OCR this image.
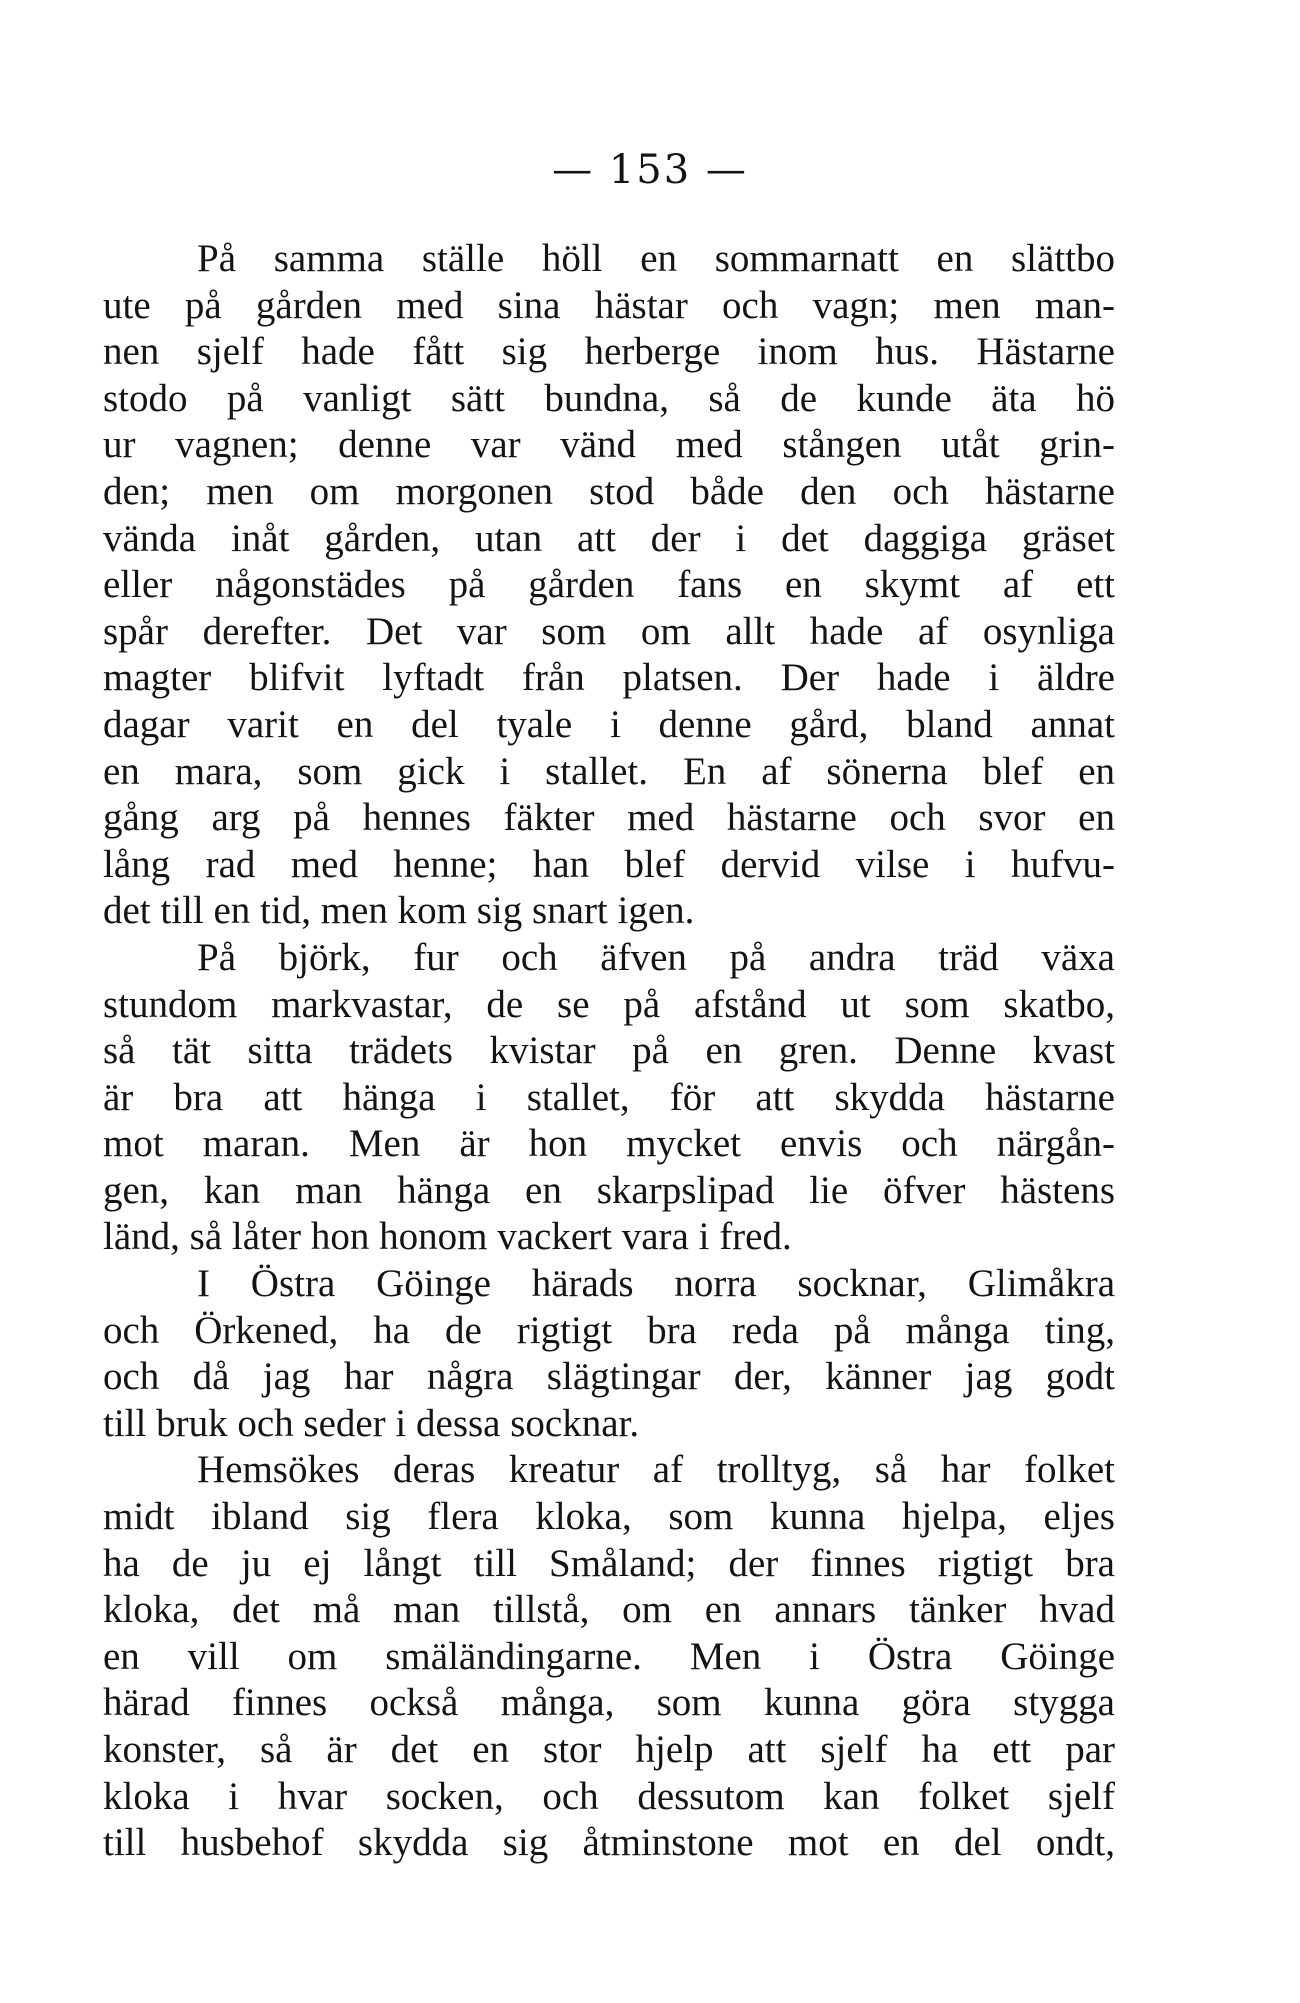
— 153 —
På samma ställe höll en sommarnatt en slättbo
ute på gården med sina hästar och vagn; men man-
nen sjelf hade fått sig herberge inom hus. Hästarne
stodo på vanligt sätt bundna, så de kunde äta hö
ur vagnen; denne var vänd med stången utåt grin-
den; men om morgonen stod både den och hästarne
vända inåt gården, utan att der i det daggiga gräset
eller någonstädes på gården fans en skymt af ett
spår derefter. Det var som om allt hade af osynliga
magter blifvit lyftadt från platsen. Der hade i äldre
dagar varit en del tyale i denne gård, bland annat
en mara, som gick i stallet. En af sönerna blef en
gång arg på hennes fäkter med hästarne och svor en
lång rad med henne; han blef dervid vilse i hufvu-
det till en tid, men kom sig snart igen.
På björk, fur och äfven på andra träd växa
stundom markvastar, de se på afstånd ut som skatbo,
så tät sitta trädets kvistar på en gren. Denne kvast
är bra att hänga i stallet, för att skydda hästarne
mot maran. Men är hon mycket envis och närgån-
gen, kan man hänga en skarpslipad lie öfver hästens
länd, så låter hon honom vackert vara i fred.
I Östra Göinge härads norra socknar, Glimåkra
och Örkened, ha de rigtigt bra reda på många ting,
och då jag har några slägtingar der, känner jag godt
till bruk och seder i dessa socknar.
Hemsökes deras kreatur af trolltyg, så har folket
midt ibland sig flera kloka, som kunna hjelpa, eljes
ha de ju ej långt till Småland; der finnes rigtigt bra
kloka, det må man tillstå, om en annars tänker hvad
en vill om smäländingarne. Men i Östra Göinge
härad finnes också många, som kunna göra stygga
konster, så är det en stor hjelp att sjelf ha ett par
kloka i hvar socken, och dessutom kan folket sjelf
till husbehof skydda sig åtminstone mot en del ondt,
